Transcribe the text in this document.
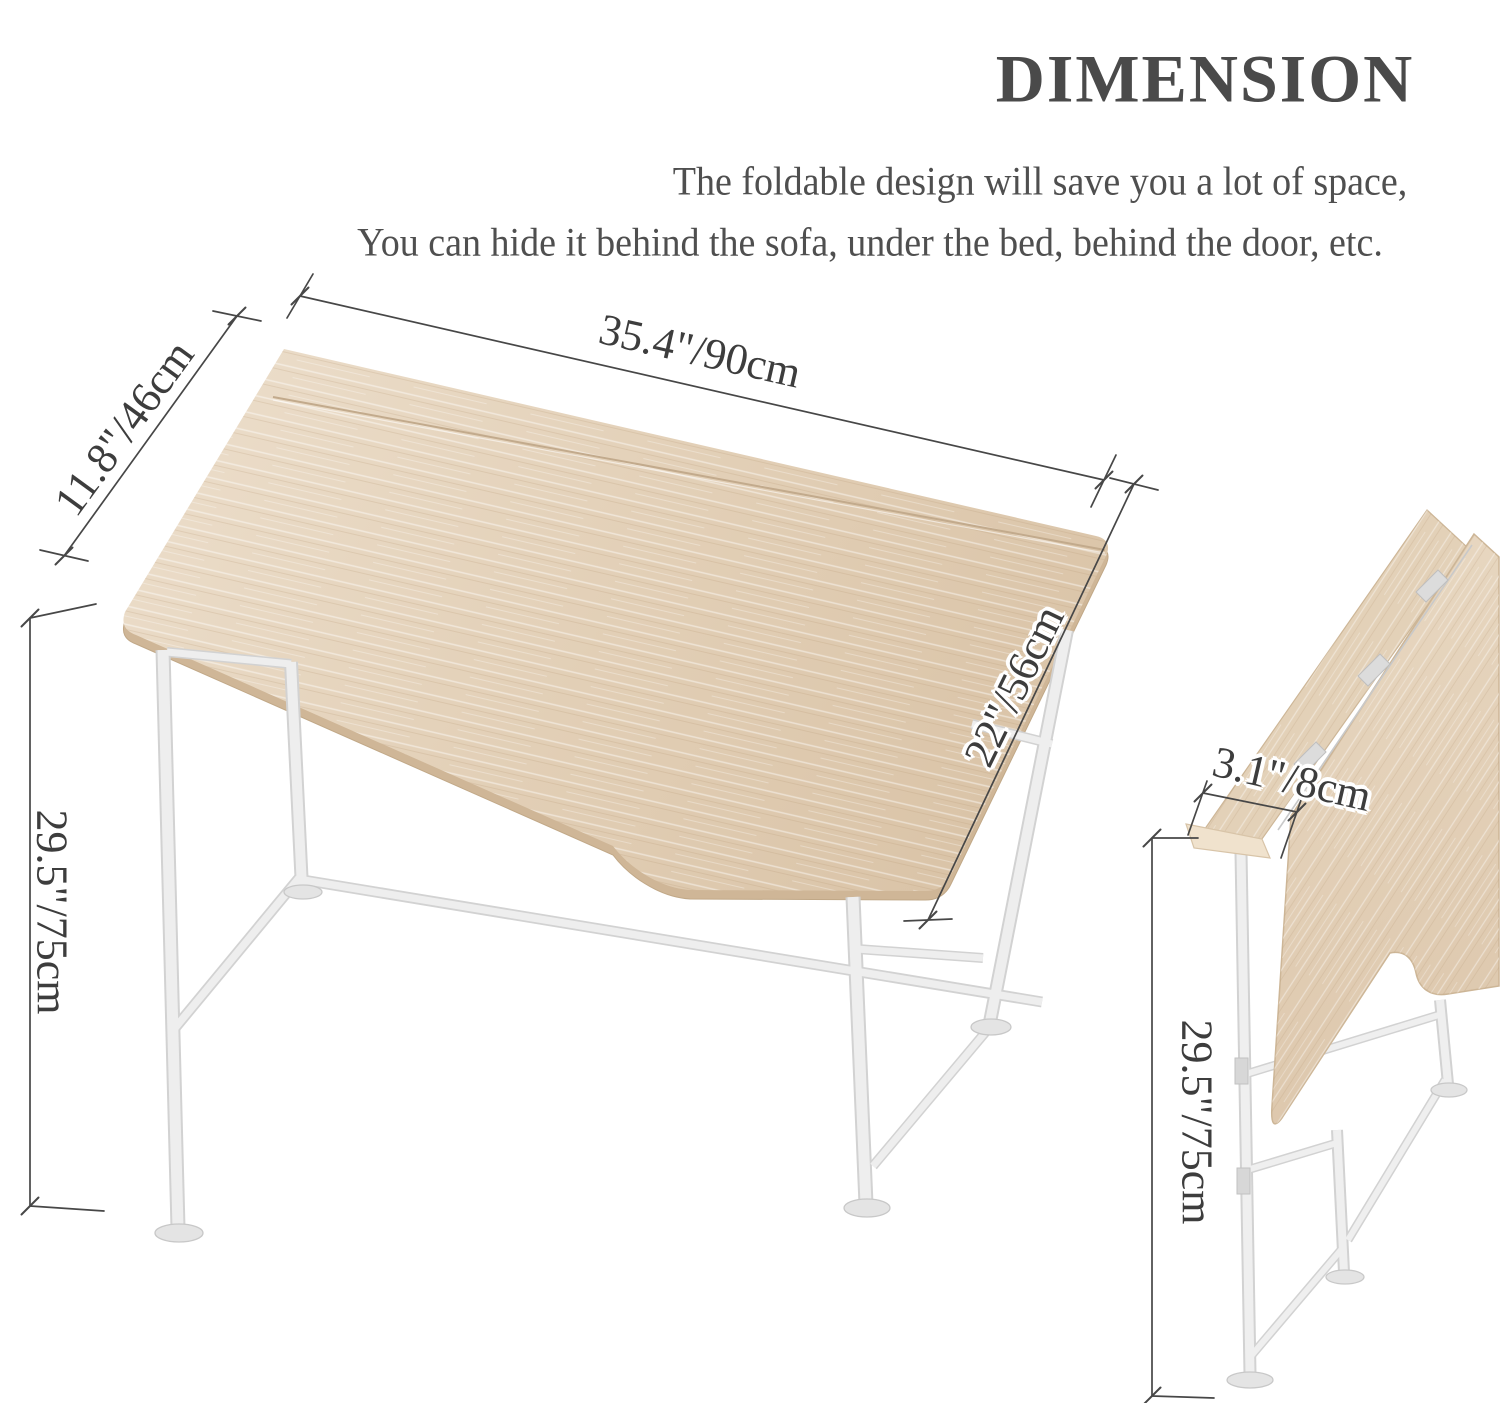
DIMENSION

The foldable design will save you a lot of space,

You can hide it behind the sofa, under the bed, behind the door, etc.

35.4"/90cm
11.8"/46cm
29.5"/75cm
22"/56cm
3.1"/8cm
29.5"/75cm
